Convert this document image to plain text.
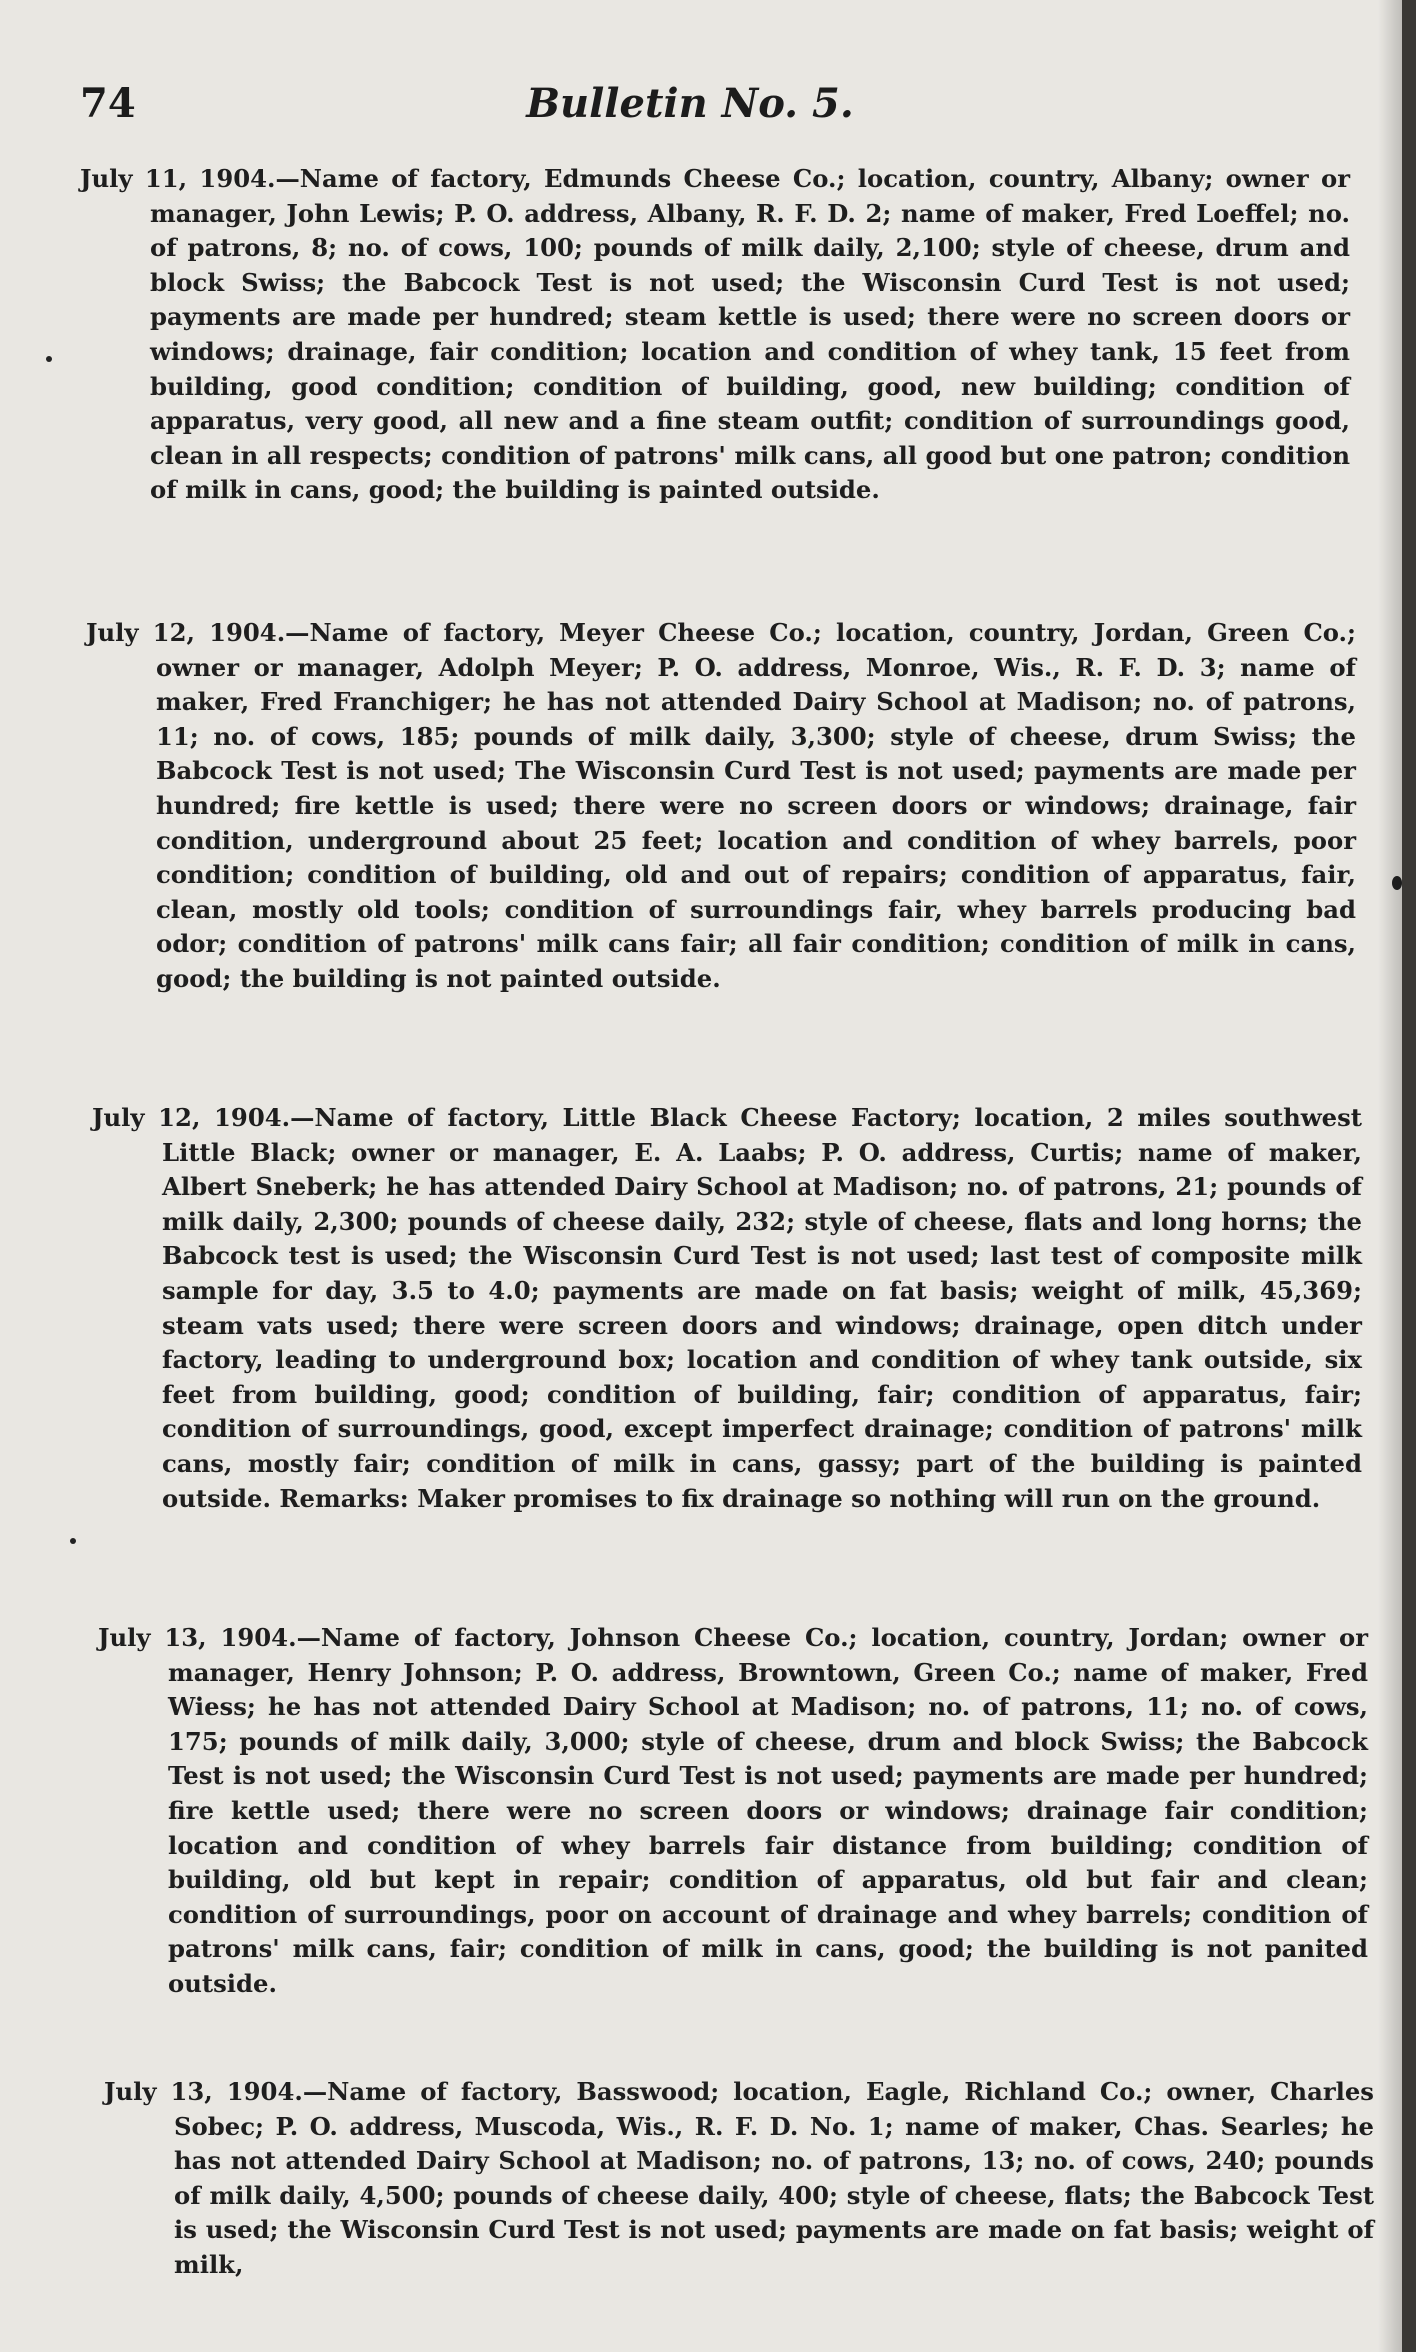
74	Bulletin No. 5.

July 11, 1904.—Name of factory, Edmunds Cheese Co.; location, country, Albany; owner or manager, John Lewis; P. O. address, Albany, R. F. D. 2; name of maker, Fred Loeffel; no. of patrons, 8; no. of cows, 100; pounds of milk daily, 2,100; style of cheese, drum and block Swiss; the Babcock Test is not used; the Wisconsin Curd Test is not used; payments are made per hundred; steam kettle is used; there were no screen doors or windows; drainage, fair condition; location and condition of whey tank, 15 feet from building, good condition; condition of building, good, new building; condition of apparatus, very good, all new and a fine steam outfit; condition of surroundings good, clean in all respects; condition of patrons' milk cans, all good but one patron; condition of milk in cans, good; the building is painted outside.

July 12, 1904.—Name of factory, Meyer Cheese Co.; location, country, Jordan, Green Co.; owner or manager, Adolph Meyer; P. O. address, Monroe, Wis., R. F. D. 3; name of maker, Fred Franchiger; he has not attended Dairy School at Madison; no. of patrons, 11; no. of cows, 185; pounds of milk daily, 3,300; style of cheese, drum Swiss; the Babcock Test is not used; The Wisconsin Curd Test is not used; payments are made per hundred; fire kettle is used; there were no screen doors or windows; drainage, fair condition, underground about 25 feet; location and condition of whey barrels, poor condition; condition of building, old and out of repairs; condition of apparatus, fair, clean, mostly old tools; condition of surroundings fair, whey barrels producing bad odor; condition of patrons' milk cans fair; all fair condition; condition of milk in cans, good; the building is not painted outside.

July 12, 1904.—Name of factory, Little Black Cheese Factory; location, 2 miles southwest Little Black; owner or manager, E. A. Laabs; P. O. address, Curtis; name of maker, Albert Sneberk; he has attended Dairy School at Madison; no. of patrons, 21; pounds of milk daily, 2,300; pounds of cheese daily, 232; style of cheese, flats and long horns; the Babcock test is used; the Wisconsin Curd Test is not used; last test of composite milk sample for day, 3.5 to 4.0; payments are made on fat basis; weight of milk, 45,369; steam vats used; there were screen doors and windows; drainage, open ditch under factory, leading to underground box; location and condition of whey tank outside, six feet from building, good; condition of building, fair; condition of apparatus, fair; condition of surroundings, good, except imperfect drainage; condition of patrons' milk cans, mostly fair; condition of milk in cans, gassy; part of the building is painted outside. Remarks: Maker promises to fix drainage so nothing will run on the ground.

July 13, 1904.—Name of factory, Johnson Cheese Co.; location, country, Jordan; owner or manager, Henry Johnson; P. O. address, Browntown, Green Co.; name of maker, Fred Wiess; he has not attended Dairy School at Madison; no. of patrons, 11; no. of cows, 175; pounds of milk daily, 3,000; style of cheese, drum and block Swiss; the Babcock Test is not used; the Wisconsin Curd Test is not used; payments are made per hundred; fire kettle used; there were no screen doors or windows; drainage fair condition; location and condition of whey barrels fair distance from building; condition of building, old but kept in repair; condition of apparatus, old but fair and clean; condition of surroundings, poor on account of drainage and whey barrels; condition of patrons' milk cans, fair; condition of milk in cans, good; the building is not panited outside.

July 13, 1904.—Name of factory, Basswood; location, Eagle, Richland Co.; owner, Charles Sobec; P. O. address, Muscoda, Wis., R. F. D. No. 1; name of maker, Chas. Searles; he has not attended Dairy School at Madison; no. of patrons, 13; no. of cows, 240; pounds of milk daily, 4,500; pounds of cheese daily, 400; style of cheese, flats; the Babcock Test is used; the Wisconsin Curd Test is not used; payments are made on fat basis; weight of milk,
